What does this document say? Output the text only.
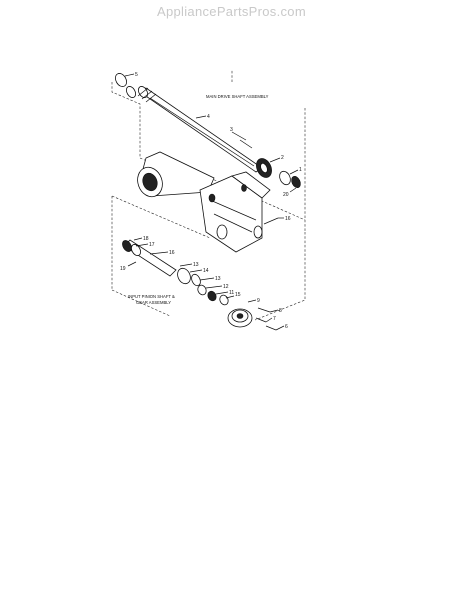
AppliancePartsPros.com
MAIN DRIVE SHAFT ASSEMBLY
INPUT PINION SHAFT &
GEAR ASSEMBLY
5
4
3
2
1
20
16
18
17
16
19
13
14
13
12
11 15
9
8
7
6
